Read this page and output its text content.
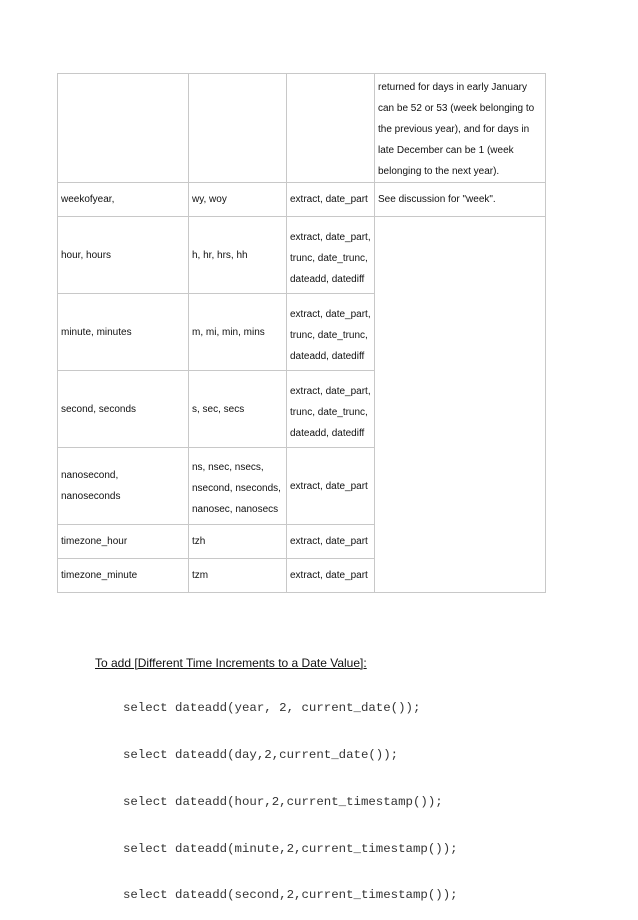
			returned for days in early January can be 52 or 53 (week belonging to the previous year), and for days in late December can be 1 (week belonging to the next year).
weekofyear,	wy, woy	extract, date_part	See discussion for "week".
hour, hours	h, hr, hrs, hh	extract, date_part, trunc, date_trunc, dateadd, datediff	
minute, minutes	m, mi, min, mins	extract, date_part, trunc, date_trunc, dateadd, datediff	
second, seconds	s, sec, secs	extract, date_part, trunc, date_trunc, dateadd, datediff	
nanosecond, nanoseconds	ns, nsec, nsecs, nsecond, nseconds, nanosec, nanosecs	extract, date_part	
timezone_hour	tzh	extract, date_part	
timezone_minute	tzm	extract, date_part	
To add [Different Time Increments to a Date Value]:

select dateadd(year, 2, current_date());

select dateadd(day,2,current_date());

select dateadd(hour,2,current_timestamp());

select dateadd(minute,2,current_timestamp());

select dateadd(second,2,current_timestamp());
